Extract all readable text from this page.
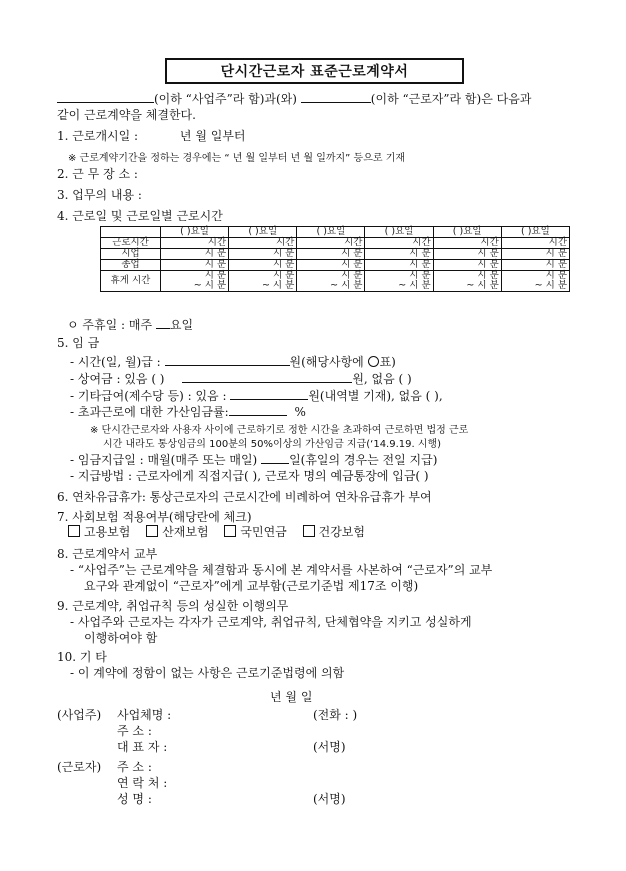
단시간근로자 표준근로계약서
(이하 “사업주”라 함)과(와)	(이하 “근로자”라 함)은 다음과
같이 근로계약을 체결한다.
1. 근로개시일 :	년 월 일부터
※ 근로계약기간을 정하는 경우에는 “ 년 월 일부터 년 월 일까지” 등으로 기재
2. 근 무 장 소 :
3. 업무의 내용 :
4. 근로일 및 근로일별 근로시간
	( )요일	( )요일	( )요일	( )요일	( )요일	( )요일
근로시간	시간	시간	시간	시간	시간	시간
시업	시 분	시 분	시 분	시 분	시 분	시 분
종업	시 분	시 분	시 분	시 분	시 분	시 분
휴게 시간	시 분	시 분	시 분	시 분	시 분	시 분
	~ 시 분	~ 시 분	~ 시 분	~ 시 분	~ 시 분	~ 시 분
ㅇ 주휴일 : 매주 요일
5. 임 금
- 시간(일, 월)급 :	원(해당사항에 ○표)
- 상여금 : 있음 ( )	원, 없음 ( )
- 기타급여(제수당 등) : 있음 :	원(내역별 기재), 없음 ( ),
- 초과근로에 대한 가산임금률:	%
※ 단시간근로자와 사용자 사이에 근로하기로 정한 시간을 초과하여 근로하면 법정 근로
시간 내라도 통상임금의 100분의 50%이상의 가산임금 지급(‘14.9.19. 시행)
- 임금지급일 : 매월(매주 또는 매일)	일(휴일의 경우는 전일 지급)
- 지급방법 : 근로자에게 직접지급( ), 근로자 명의 예금통장에 입금( )
6. 연차유급휴가: 통상근로자의 근로시간에 비례하여 연차유급휴가 부여
7. 사회보험 적용여부(해당란에 체크)
고용보험	산재보험	국민연금	건강보험
8. 근로계약서 교부
- “사업주”는 근로계약을 체결함과 동시에 본 계약서를 사본하여 “근로자”의 교부
요구와 관계없이 “근로자”에게 교부함(근로기준법 제17조 이행)
9. 근로계약, 취업규칙 등의 성실한 이행의무
- 사업주와 근로자는 각자가 근로계약, 취업규칙, 단체협약을 지키고 성실하게
이행하여야 함
10. 기 타
- 이 계약에 정함이 없는 사항은 근로기준법령에 의함
년 월 일
(사업주) 사업체명 :	(전화 : )
주 소 :
대 표 자 :	(서명)
(근로자) 주 소 :
연 락 처 :
성 명 :	(서명)
